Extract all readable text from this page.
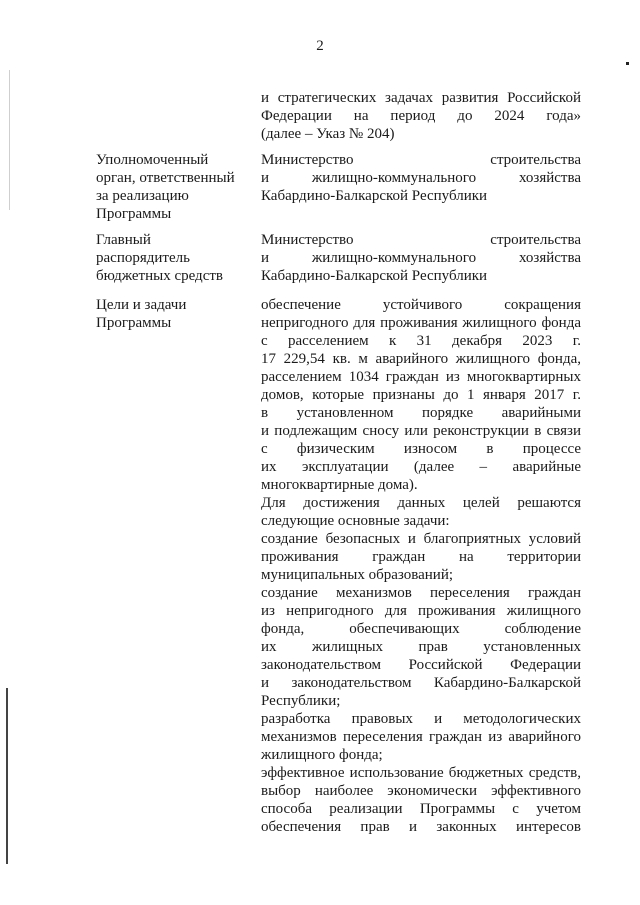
2
и стратегических задачах развития Российской
Федерации на период до 2024 года»
(далее – Указ № 204)
Уполномоченный
орган, ответственный
за реализацию
Программы
Министерство строительства
и жилищно-коммунального хозяйства
Кабардино-Балкарской Республики
Главный
распорядитель
бюджетных средств
Министерство строительства
и жилищно-коммунального хозяйства
Кабардино-Балкарской Республики
Цели и задачи
Программы
обеспечение устойчивого сокращения
непригодного для проживания жилищного фонда
с расселением к 31 декабря 2023 г.
17 229,54 кв. м аварийного жилищного фонда,
расселением 1034 граждан из многоквартирных
домов, которые признаны до 1 января 2017 г.
в установленном порядке аварийными
и подлежащим сносу или реконструкции в связи
с физическим износом в процессе
их эксплуатации (далее – аварийные
многоквартирные дома).
Для достижения данных целей решаются
следующие основные задачи:
создание безопасных и благоприятных условий
проживания граждан на территории
муниципальных образований;
создание механизмов переселения граждан
из непригодного для проживания жилищного
фонда, обеспечивающих соблюдение
их жилищных прав установленных
законодательством Российской Федерации
и законодательством Кабардино-Балкарской
Республики;
разработка правовых и методологических
механизмов переселения граждан из аварийного
жилищного фонда;
эффективное использование бюджетных средств,
выбор наиболее экономически эффективного
способа реализации Программы с учетом
обеспечения прав и законных интересов
